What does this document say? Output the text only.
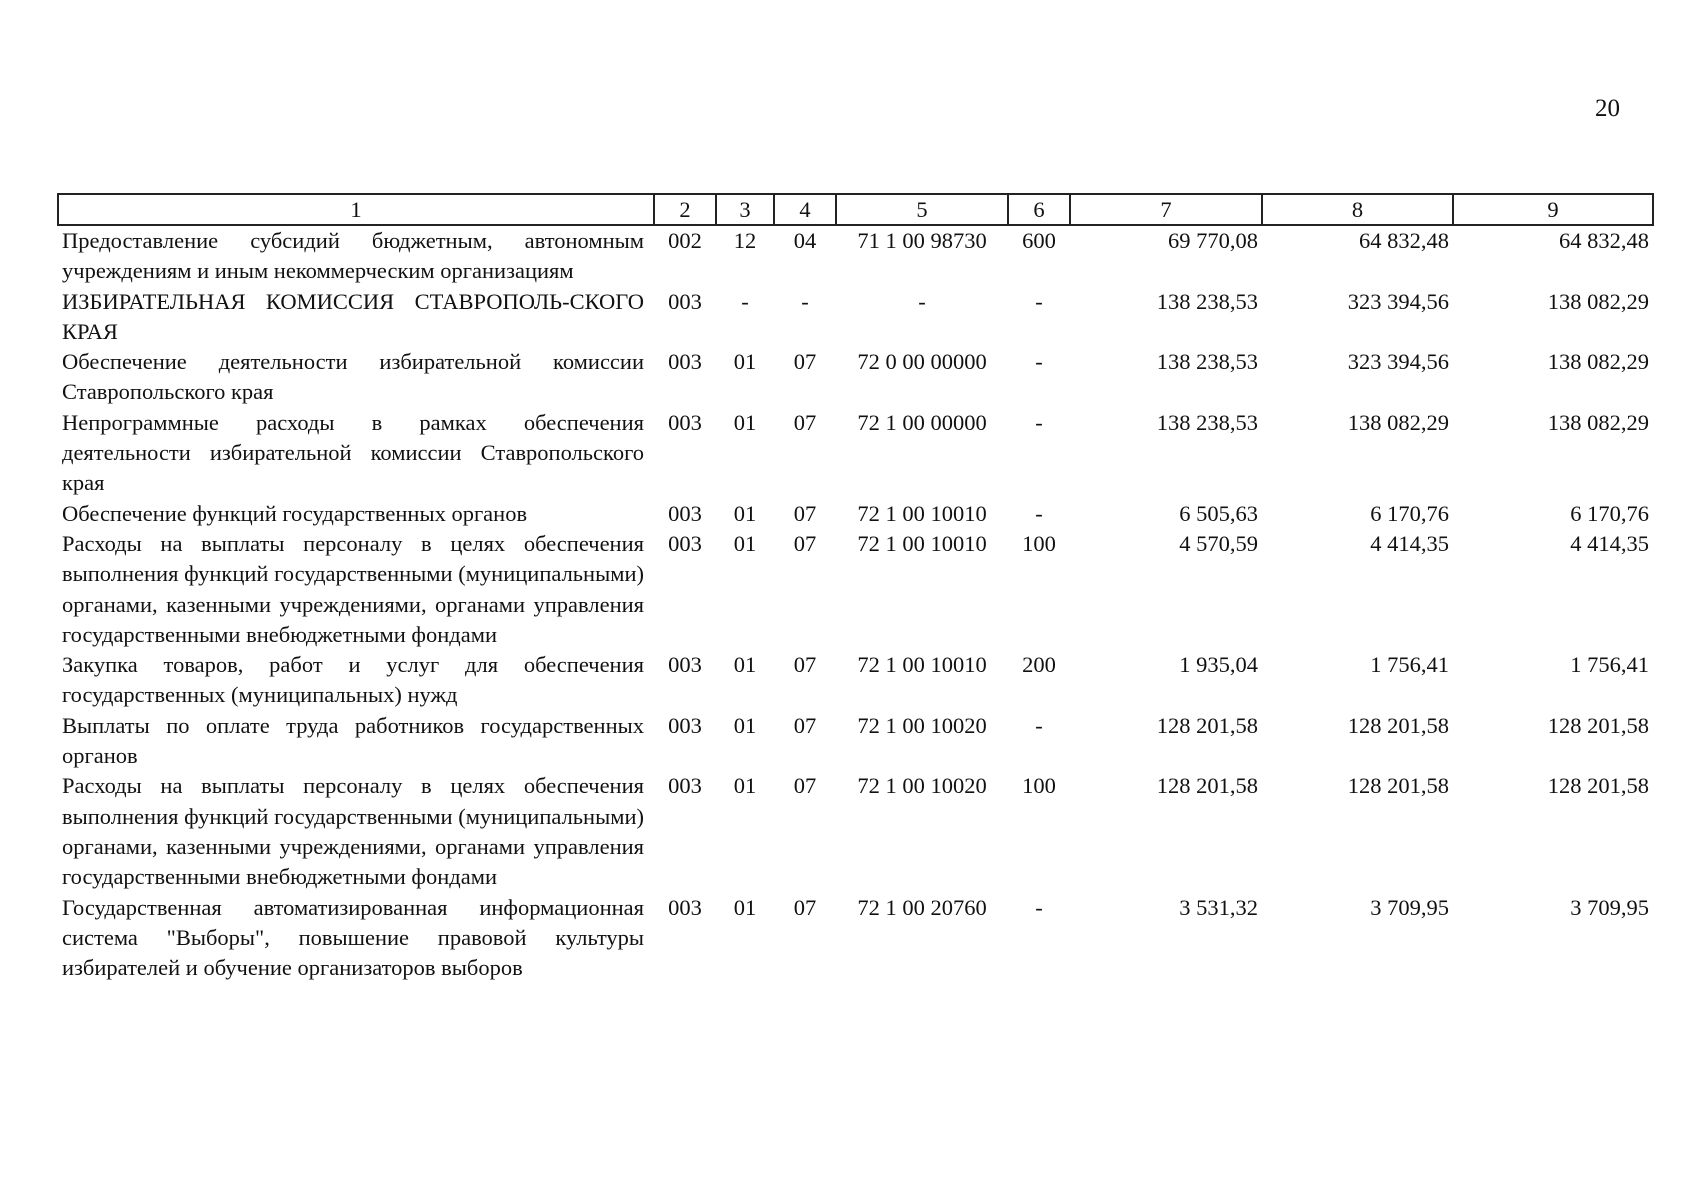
20
1	2	3	4	5	6	7	8	9
Предоставление субсидий бюджетным, автономным учреждениям и иным некоммерческим организациям	002	12	04	71 1 00 98730	600	69 770,08	64 832,48	64 832,48
ИЗБИРАТЕЛЬНАЯ КОМИССИЯ СТАВРОПОЛЬ-СКОГО КРАЯ	003	-	-	-	-	138 238,53	323 394,56	138 082,29
Обеспечение деятельности избирательной комиссии Ставропольского края	003	01	07	72 0 00 00000	-	138 238,53	323 394,56	138 082,29
Непрограммные расходы в рамках обеспечения деятельности избирательной комиссии Ставропольского края	003	01	07	72 1 00 00000	-	138 238,53	138 082,29	138 082,29
Обеспечение функций государственных органов	003	01	07	72 1 00 10010	-	6 505,63	6 170,76	6 170,76
Расходы на выплаты персоналу в целях обеспечения выполнения функций государственными (муниципальными) органами, казенными учреждениями, органами управления государственными внебюджетными фондами	003	01	07	72 1 00 10010	100	4 570,59	4 414,35	4 414,35
Закупка товаров, работ и услуг для обеспечения государственных (муниципальных) нужд	003	01	07	72 1 00 10010	200	1 935,04	1 756,41	1 756,41
Выплаты по оплате труда работников государственных органов	003	01	07	72 1 00 10020	-	128 201,58	128 201,58	128 201,58
Расходы на выплаты персоналу в целях обеспечения выполнения функций государственными (муниципальными) органами, казенными учреждениями, органами управления государственными внебюджетными фондами	003	01	07	72 1 00 10020	100	128 201,58	128 201,58	128 201,58
Государственная автоматизированная информационная система "Выборы", повышение правовой культуры избирателей и обучение организаторов выборов	003	01	07	72 1 00 20760	-	3 531,32	3 709,95	3 709,95
